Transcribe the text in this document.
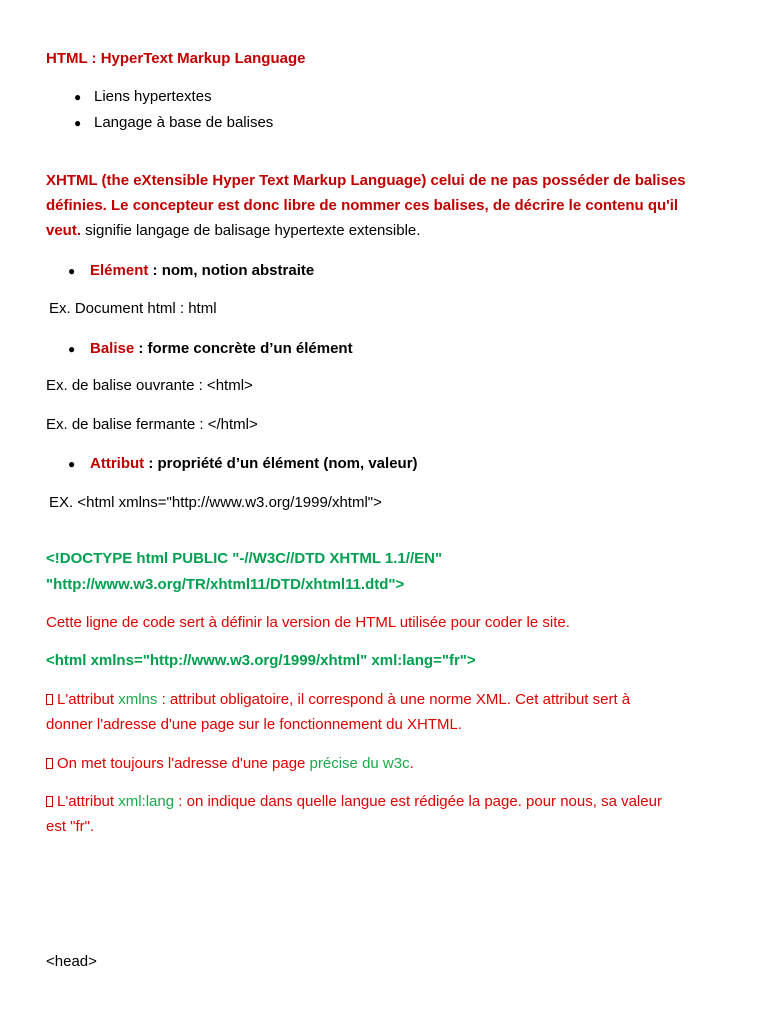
HTML : HyperText Markup Language
● Liens hypertextes
● Langage à base de balises
XHTML (the eXtensible Hyper Text Markup Language) celui de ne pas posséder de balises
définies. Le concepteur est donc libre de nommer ces balises, de décrire le contenu qu'il
veut. signifie langage de balisage hypertexte extensible.
● Elément : nom, notion abstraite
Ex. Document html : html
● Balise : forme concrète d’un élément
Ex. de balise ouvrante : <html>
Ex. de balise fermante : </html>
● Attribut : propriété d’un élément (nom, valeur)
EX. <html xmlns="http://www.w3.org/1999/xhtml">
<!DOCTYPE html PUBLIC "-//W3C//DTD XHTML 1.1//EN"
"http://www.w3.org/TR/xhtml11/DTD/xhtml11.dtd">
Cette ligne de code sert à définir la version de HTML utilisée pour coder le site.
<html xmlns="http://www.w3.org/1999/xhtml" xml:lang="fr">
L'attribut xmlns : attribut obligatoire, il correspond à une norme XML. Cet attribut sert à
donner l'adresse d'une page sur le fonctionnement du XHTML.
On met toujours l'adresse d'une page précise du w3c.
L'attribut xml:lang : on indique dans quelle langue est rédigée la page. pour nous, sa valeur
est "fr".
<head>
